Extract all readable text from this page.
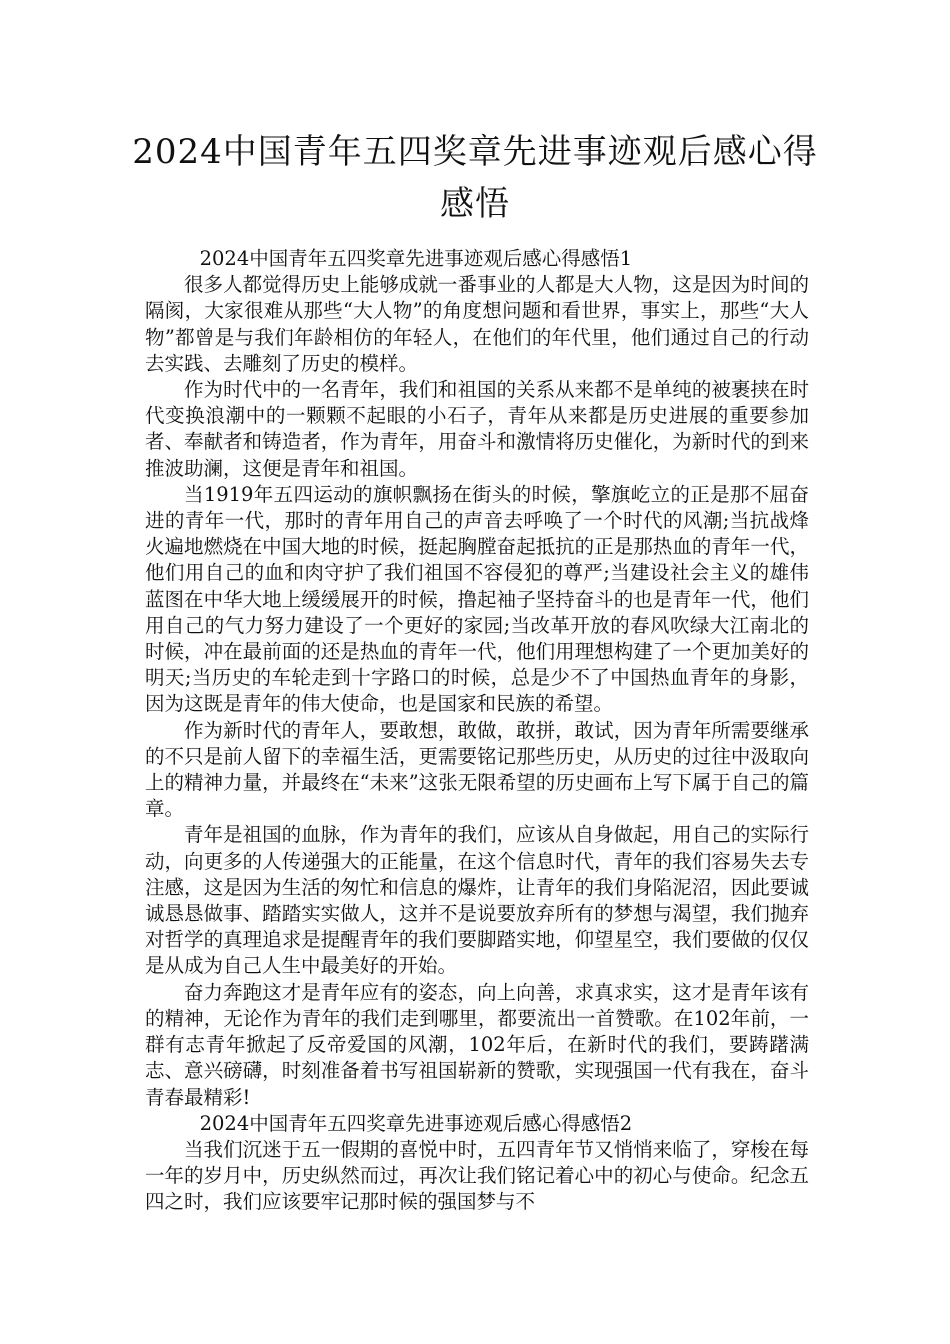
2024中国青年五四奖章先进事迹观后感心得感悟

2024中国青年五四奖章先进事迹观后感心得感悟1

很多人都觉得历史上能够成就一番事业的人都是大人物，这是因为时间的隔阂，大家很难从那些“大人物”的角度想问题和看世界，事实上，那些“大人物”都曾是与我们年龄相仿的年轻人，在他们的年代里，他们通过自己的行动去实践、去雕刻了历史的模样。

作为时代中的一名青年，我们和祖国的关系从来都不是单纯的被裹挟在时代变换浪潮中的一颗颗不起眼的小石子，青年从来都是历史进展的重要参加者、奉献者和铸造者，作为青年，用奋斗和激情将历史催化，为新时代的到来推波助澜，这便是青年和祖国。

当1919年五四运动的旗帜飘扬在街头的时候，擎旗屹立的正是那不屈奋进的青年一代，那时的青年用自己的声音去呼唤了一个时代的风潮;当抗战烽火遍地燃烧在中国大地的时候，挺起胸膛奋起抵抗的正是那热血的青年一代，他们用自己的血和肉守护了我们祖国不容侵犯的尊严;当建设社会主义的雄伟蓝图在中华大地上缓缓展开的时候，撸起袖子坚持奋斗的也是青年一代，他们用自己的气力努力建设了一个更好的家园;当改革开放的春风吹绿大江南北的时候，冲在最前面的还是热血的青年一代，他们用理想构建了一个更加美好的明天;当历史的车轮走到十字路口的时候，总是少不了中国热血青年的身影，因为这既是青年的伟大使命，也是国家和民族的希望。

作为新时代的青年人，要敢想，敢做，敢拼，敢试，因为青年所需要继承的不只是前人留下的幸福生活，更需要铭记那些历史，从历史的过往中汲取向上的精神力量，并最终在“未来”这张无限希望的历史画布上写下属于自己的篇章。

青年是祖国的血脉，作为青年的我们，应该从自身做起，用自己的实际行动，向更多的人传递强大的正能量，在这个信息时代，青年的我们容易失去专注感，这是因为生活的匆忙和信息的爆炸，让青年的我们身陷泥沼，因此要诚诚恳恳做事、踏踏实实做人，这并不是说要放弃所有的梦想与渴望，我们抛弃对哲学的真理追求是提醒青年的我们要脚踏实地，仰望星空，我们要做的仅仅是从成为自己人生中最美好的开始。

奋力奔跑这才是青年应有的姿态，向上向善，求真求实，这才是青年该有的精神，无论作为青年的我们走到哪里，都要流出一首赞歌。在102年前，一群有志青年掀起了反帝爱国的风潮，102年后，在新时代的我们，要踌躇满志、意兴磅礴，时刻准备着书写祖国崭新的赞歌，实现强国一代有我在，奋斗青春最精彩!

2024中国青年五四奖章先进事迹观后感心得感悟2

当我们沉迷于五一假期的喜悦中时，五四青年节又悄悄来临了，穿梭在每一年的岁月中，历史纵然而过，再次让我们铭记着心中的初心与使命。纪念五四之时，我们应该要牢记那时候的强国梦与不
